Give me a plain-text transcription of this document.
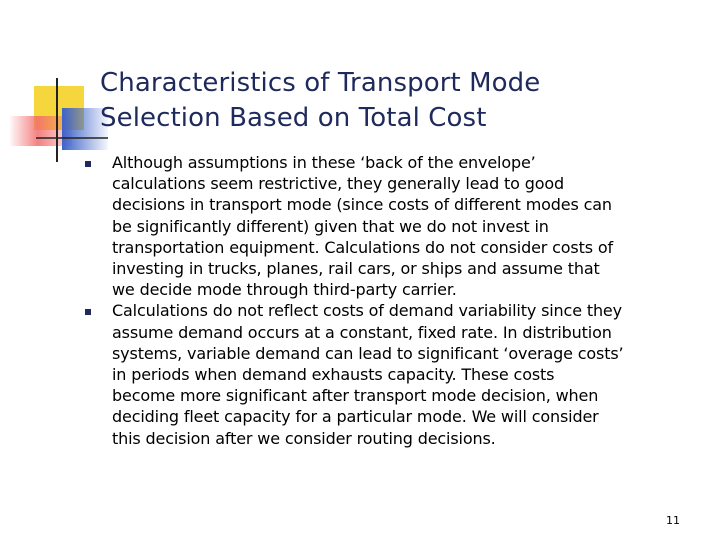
Characteristics of Transport Mode
Selection Based on Total Cost
Although assumptions in these ‘back of the envelope’
calculations seem restrictive, they generally lead to good
decisions in transport mode (since costs of different modes can
be significantly different) given that we do not invest in
transportation equipment. Calculations do not consider costs of
investing in trucks, planes, rail cars, or ships and assume that
we decide mode through third-party carrier.
Calculations do not reflect costs of demand variability since they
assume demand occurs at a constant, fixed rate. In distribution
systems, variable demand can lead to significant ‘overage costs’
in periods when demand exhausts capacity. These costs
become more significant after transport mode decision, when
deciding fleet capacity for a particular mode. We will consider
this decision after we consider routing decisions.
11
